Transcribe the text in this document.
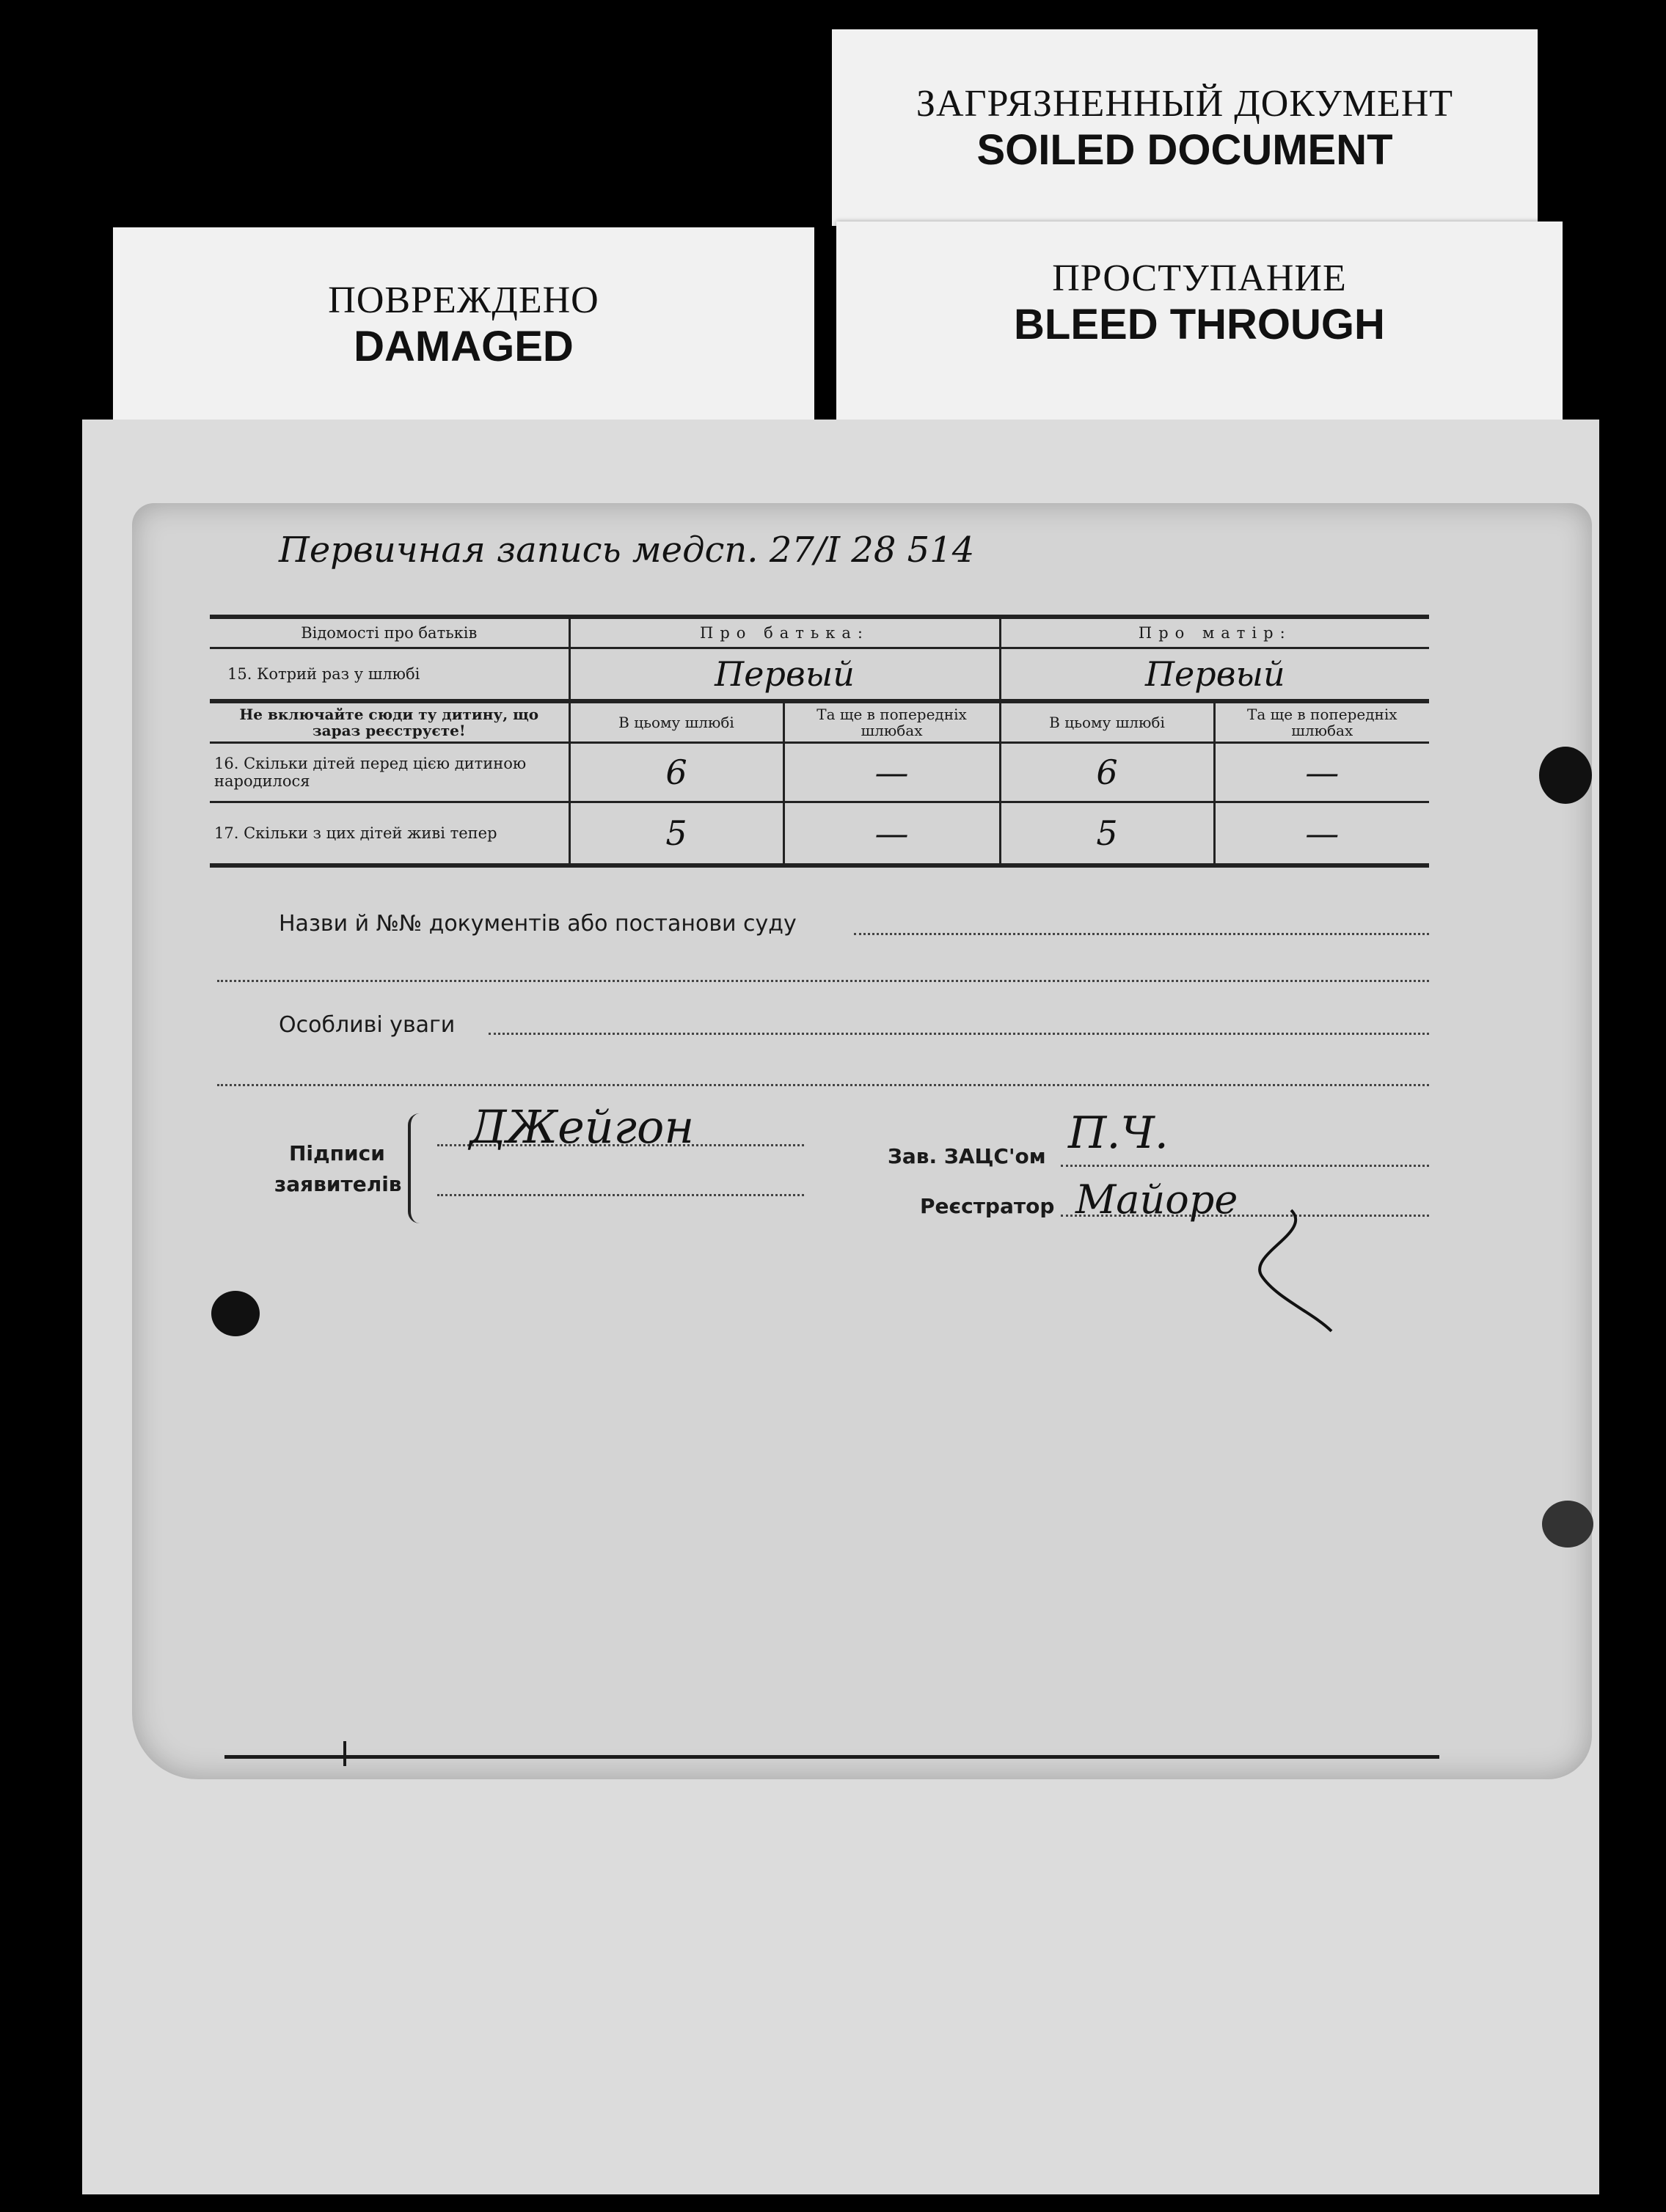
ЗАГРЯЗНЕННЫЙ ДОКУМЕНТ
SOILED DOCUMENT
ПОВРЕЖДЕНО
DAMAGED
ПРОСТУПАНИЕ
BLEED THROUGH
Первичная запись медсп. 27/I 28 514
Відомості про батьків	Про батька:		Про матір:	
15. Котрий раз у шлюбі	Первый		Первый	
Не включайте сюди ту дитину, що зараз реєструєте!	В цьому шлюбі	Та ще в попередніх шлюбах	В цьому шлюбі	Та ще в попередніх шлюбах
16. Скільки дітей перед цією дитиною народилося	6	—	6	—
17. Скільки з цих дітей живі тепер	5	—	5	—
Назви й №№ документів або постанови суду
Особливі уваги
Підписи
заявителів
ДЖейгон
Зав. ЗАЦС'ом П.Ч.
Реєстратор Майоре
